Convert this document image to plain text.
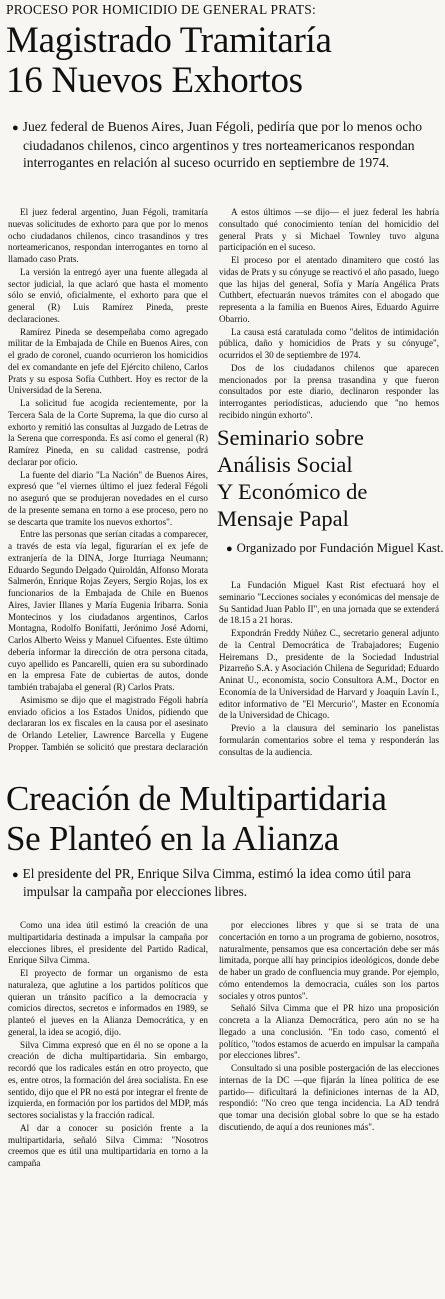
PROCESO POR HOMICIDIO DE GENERAL PRATS:
Magistrado Tramitaría
16 Nuevos Exhortos
● Juez federal de Buenos Aires, Juan Fégoli, pediría que por lo menos ocho ciudadanos chilenos, cinco argentinos y tres norteamericanos respondan interrogantes en relación al suceso ocurrido en septiembre de 1974.

El juez federal argentino, Juan Fégoli, tramitaría nuevas solicitudes de exhorto para que por lo menos ocho ciudadanos chilenos, cinco trasandinos y tres norteamericanos, respondan interrogantes en torno al llamado caso Prats.

La versión la entregó ayer una fuente allegada al sector judicial, la que aclaró que hasta el momento sólo se envió, oficialmente, el exhorto para que el general (R) Luis Ramírez Pineda, preste declaraciones.

Ramírez Pineda se desempeñaba como agregado militar de la Embajada de Chile en Buenos Aires, con el grado de coronel, cuando ocurrieron los homicidios del ex comandante en jefe del Ejército chileno, Carlos Prats y su esposa Sofía Cuthbert. Hoy es rector de la Universidad de la Serena.

La solicitud fue acogida recientemente, por la Tercera Sala de la Corte Suprema, la que dio curso al exhorto y remitió las consultas al Juzgado de Letras de la Serena que corresponda. Es así como el general (R) Ramírez Pineda, en su calidad castrense, podrá declarar por oficio.

La fuente del diario "La Nación" de Buenos Aires, expresó que "el viernes último el juez federal Fégoli no aseguró que se produjeran novedades en el curso de la presente semana en torno a ese proceso, pero no se descarta que tramite los nuevos exhortos".

Entre las personas que serían citadas a comparecer, a través de esta vía legal, figurarían el ex jefe de extranjería de la DINA, Jorge Iturriaga Neumann; Eduardo Segundo Delgado Quiroldán, Alfonso Morata Salmerón, Enrique Rojas Zeyers, Sergio Rojas, los ex funcionarios de la Embajada de Chile en Buenos Aires, Javier Illanes y María Eugenia Iribarra. Sonia Montecinos y los ciudadanos argentinos, Carlos Montagna, Rodolfo Bonifatti, Jerónimo José Adorni, Carlos Alberto Weiss y Manuel Cifuentes. Este último debería informar la dirección de otra persona citada, cuyo apellido es Pancarelli, quien era su subordinado en la empresa Fate de cubiertas de autos, donde también trabajaba el general (R) Carlos Prats.

Asimismo se dijo que el magistrado Fégoli habría enviado oficios a los Estados Unidos, pidiendo que declararan los ex fiscales en la causa por el asesinato de Orlando Letelier, Lawrence Barcella y Eugene Propper. También se solicitó que prestara declaración

A estos últimos —se dijo— el juez federal les habría consultado qué conocimiento tenían del homicidio del general Prats y si Michael Townley tuvo alguna participación en el suceso.

El proceso por el atentado dinamitero que costó las vidas de Prats y su cónyuge se reactivó el año pasado, luego que las hijas del general, Sofía y María Angélica Prats Cuthbert, efectuarán nuevos trámites con el abogado que representa a la familia en Buenos Aires, Eduardo Aguirre Obarrio.

La causa está caratulada como "delitos de intimidación pública, daño y homicidios de Prats y su cónyuge", ocurridos el 30 de septiembre de 1974.

Dos de los ciudadanos chilenos que aparecen mencionados por la prensa trasandina y que fueron consultados por este diario, declinaron responder las interrogantes periodísticas, aduciendo que "no hemos recibido ningún exhorto".

Seminario sobre
Análisis Social
Y Económico de
Mensaje Papal
● Organizado por Fundación Miguel Kast.

La Fundación Miguel Kast Rist efectuará hoy el seminario "Lecciones sociales y económicas del mensaje de Su Santidad Juan Pablo II", en una jornada que se extenderá de 18.15 a 21 horas.

Expondrán Freddy Núñez C., secretario general adjunto de la Central Democrática de Trabajadores; Eugenio Heiremans D., presidente de la Sociedad Industrial Pizarreño S.A. y Asociación Chilena de Seguridad; Eduardo Aninat U., economista, socio Consultora A.M., Doctor en Economía de la Universidad de Harvard y Joaquín Lavín I., editor informativo de "El Mercurio", Master en Economía de la Universidad de Chicago.

Previo a la clausura del seminario los panelistas formularán comentarios sobre el tema y responderán las consultas de la audiencia.

Creación de Multipartidaria
Se Planteó en la Alianza
● El presidente del PR, Enrique Silva Cimma, estimó la idea como útil para impulsar la campaña por elecciones libres.

Como una idea útil estimó la creación de una multipartidaria destinada a impulsar la campaña por elecciones libres, el presidente del Partido Radical, Enrique Silva Cimma.

El proyecto de formar un organismo de esta naturaleza, que aglutine a los partidos políticos que quieran un tránsito pacífico a la democracia y comicios directos, secretos e informados en 1989, se planteó el jueves en la Alianza Democrática, y en general, la idea se acogió, dijo.

Silva Cimma expresó que en él no se opone a la creación de dicha multipartidaria. Sin embargo, recordó que los radicales están en otro proyecto, que es, entre otros, la formación del área socialista. En ese sentido, dijo que el PR no está por integrar el frente de izquierda, en formación por los partidos del MDP, más sectores socialistas y la fracción radical.

Al dar a conocer su posición frente a la multipartidaria, señaló Silva Cimma: "Nosotros creemos que es útil una multipartidaria en torno a la campaña

por elecciones libres y que si se trata de una concertación en torno a un programa de gobierno, nosotros, naturalmente, pensamos que esa concertación debe ser más limitada, porque allí hay principios ideológicos, donde debe de haber un grado de confluencia muy grande. Por ejemplo, cómo entendemos la democracia, cuáles son los partos sociales y otros puntos".

Señaló Silva Cimma que el PR hizo una proposición concreta a la Alianza Democrática, pero aún no se ha llegado a una conclusión. "En todo caso, comentó el político, "todos estamos de acuerdo en impulsar la campaña por elecciones libres".

Consultado si una posible postergación de las elecciones internas de la DC —que fijarán la línea política de ese partido— dificultará la definiciones internas de la AD, respondió: "No creo que tenga incidencia. La AD tendrá que tomar una decisión global sobre lo que se ha estado discutiendo, de aquí a dos reuniones más".
